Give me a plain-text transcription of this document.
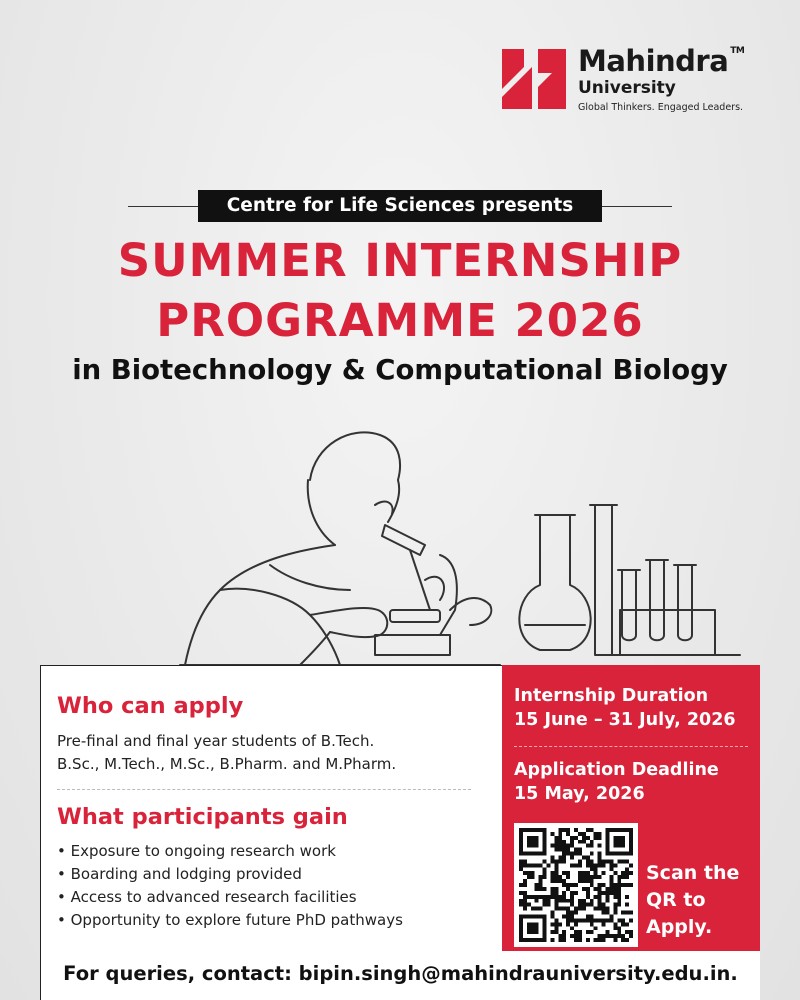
Mahindra ™
University
Global Thinkers. Engaged Leaders.
Centre for Life Sciences presents
SUMMER INTERNSHIP
PROGRAMME 2026
in Biotechnology & Computational Biology
Who can apply
Pre-final and final year students of B.Tech.
B.Sc., M.Tech., M.Sc., B.Pharm. and M.Pharm.
What participants gain
• Exposure to ongoing research work
• Boarding and lodging provided
• Access to advanced research facilities
• Opportunity to explore future PhD pathways
Internship Duration
15 June – 31 July, 2026
Application Deadline
15 May, 2026
Scan the
QR to
Apply.
For queries, contact: bipin.singh@mahindrauniversity.edu.in.
